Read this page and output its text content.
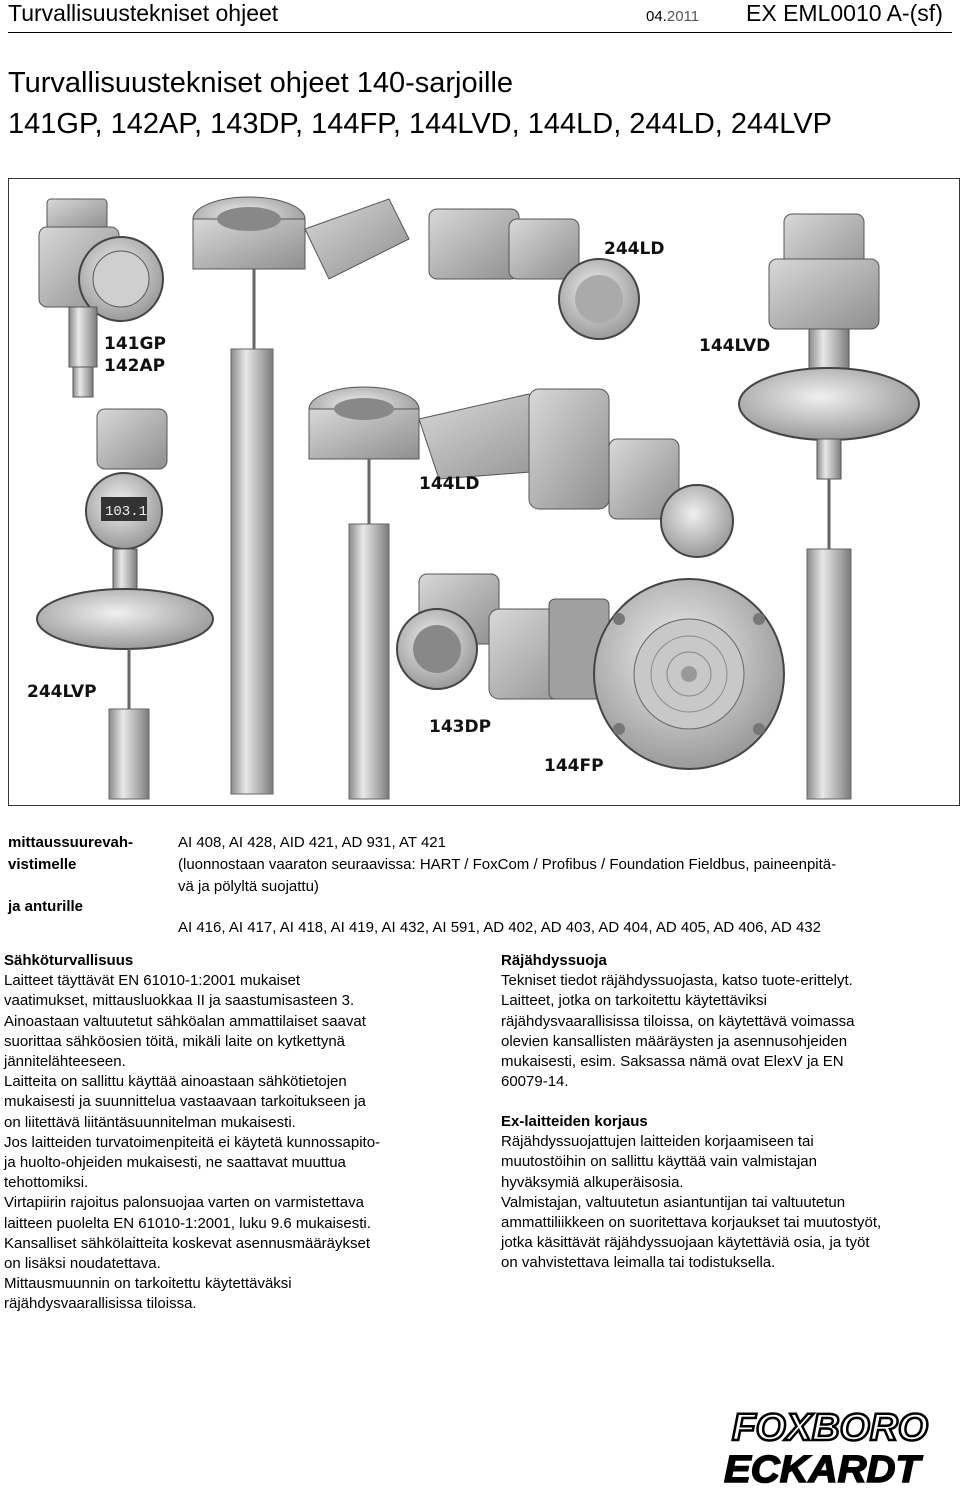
Turvallisuustekniset ohjeet	04.2011 EX EML0010 A-(sf)
Turvallisuustekniset ohjeet 140-sarjoille
141GP, 142AP, 143DP, 144FP, 144LVD, 144LD, 244LD, 244LVP
141GP
142AP
244LD
144LVD
144LD
103.1
244LVP
143DP
144FP
mittaussuurevah-
vistimelle
ja anturille
AI 408, AI 428, AID 421, AD 931, AT 421
(luonnostaan vaaraton seuraavissa: HART / FoxCom / Profibus / Foundation Fieldbus, paineenpitä-
vä ja pölyltä suojattu)
AI 416, AI 417, AI 418, AI 419, AI 432, AI 591, AD 402, AD 403, AD 404, AD 405, AD 406, AD 432

Sähköturvallisuus

Laitteet täyttävät EN 61010-1:2001 mukaiset

vaatimukset, mittausluokkaa II ja saastumisasteen 3.

Ainoastaan valtuutetut sähköalan ammattilaiset saavat

suorittaa sähköosien töitä, mikäli laite on kytkettynä

jännitelähteeseen.

Laitteita on sallittu käyttää ainoastaan sähkötietojen

mukaisesti ja suunnittelua vastaavaan tarkoitukseen ja

on liitettävä liitäntäsuunnitelman mukaisesti.

Jos laitteiden turvatoimenpiteitä ei käytetä kunnossapito-

ja huolto-ohjeiden mukaisesti, ne saattavat muuttua

tehottomiksi.

Virtapiirin rajoitus palonsuojaa varten on varmistettava

laitteen puolelta EN 61010-1:2001, luku 9.6 mukaisesti.

Kansalliset sähkölaitteita koskevat asennusmääräykset

on lisäksi noudatettava.

Mittausmuunnin on tarkoitettu käytettäväksi

räjähdysvaarallisissa tiloissa.

Räjähdyssuoja

Tekniset tiedot räjähdyssuojasta, katso tuote-erittelyt.

Laitteet, jotka on tarkoitettu käytettäviksi

räjähdysvaarallisissa tiloissa, on käytettävä voimassa

olevien kansallisten määräysten ja asennusohjeiden

mukaisesti, esim. Saksassa nämä ovat ElexV ja EN

60079-14.

Ex-laitteiden korjaus

Räjähdyssuojattujen laitteiden korjaamiseen tai

muutostöihin on sallittu käyttää vain valmistajan

hyväksymiä alkuperäisosia.

Valmistajan, valtuutetun asiantuntijan tai valtuutetun

ammattiliikkeen on suoritettava korjaukset tai muutostyöt,

jotka käsittävät räjähdyssuojaan käytettäviä osia, ja työt

on vahvistettava leimalla tai todistuksella.

FOXBORO
ECKARDT
